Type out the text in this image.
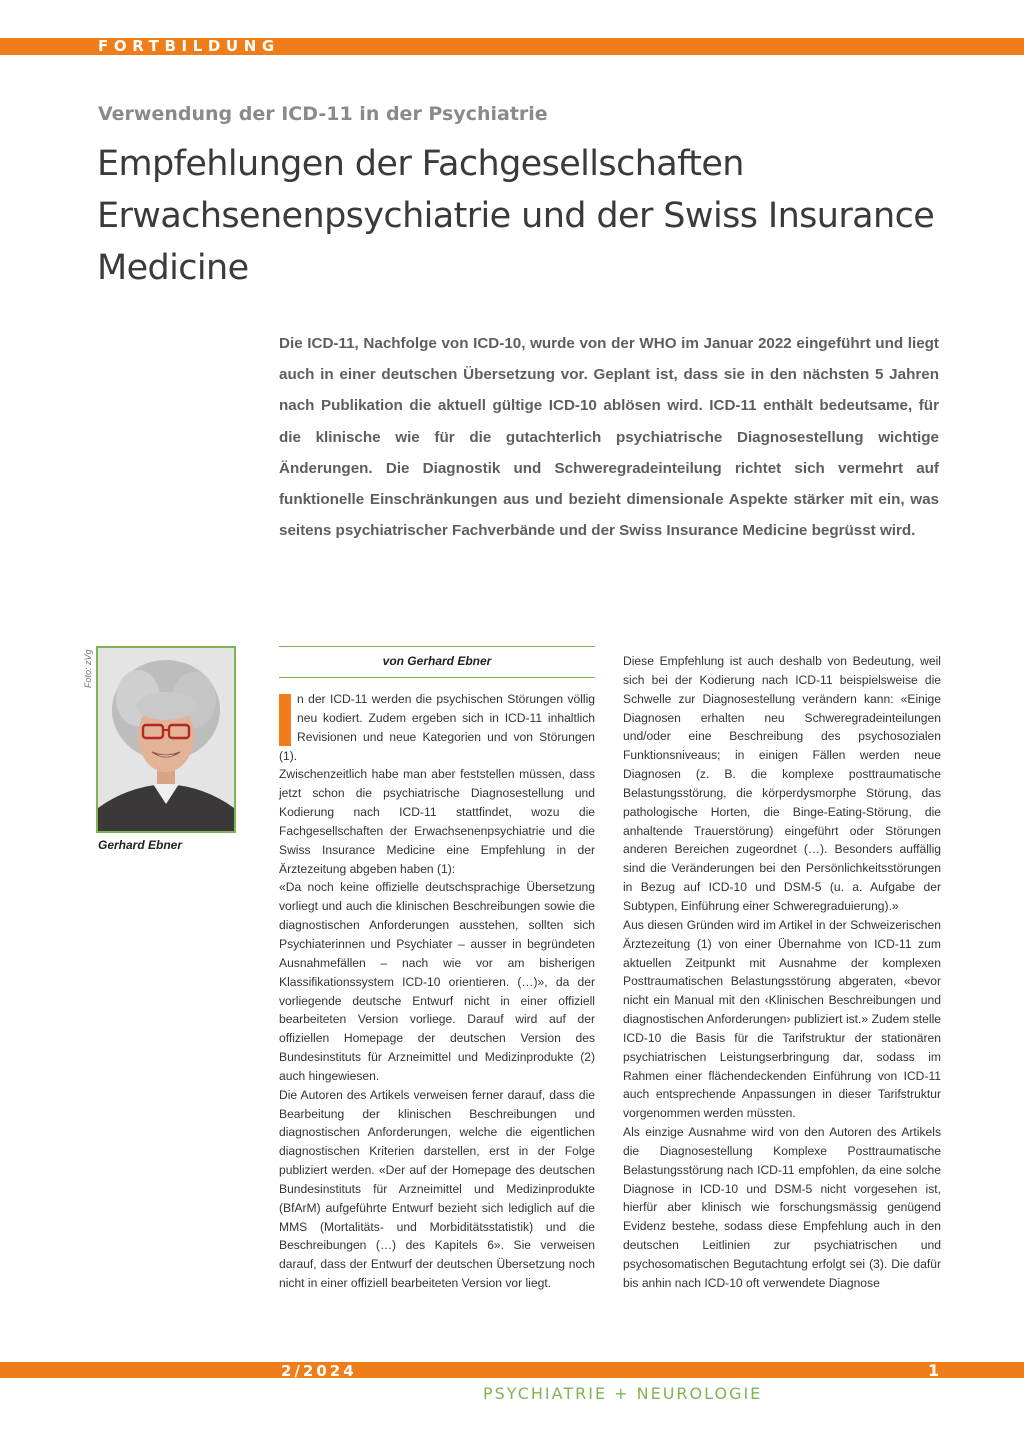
FORTBILDUNG
Verwendung der ICD-11 in der Psychiatrie
Empfehlungen der Fachgesellschaften Erwachsenenpsychiatrie und der Swiss Insurance Medicine
Die ICD-11, Nachfolge von ICD-10, wurde von der WHO im Januar 2022 eingeführt und liegt auch in einer deutschen Übersetzung vor. Geplant ist, dass sie in den nächsten 5 Jahren nach Publikation die aktuell gültige ICD-10 ablösen wird. ICD-11 enthält bedeutsame, für die klinische wie für die gutachterlich psychiatrische Diagnosestellung wichtige Änderungen. Die Diagnostik und Schweregradeinteilung richtet sich vermehrt auf funktionelle Einschränkungen aus und bezieht dimensionale Aspekte stärker mit ein, was seitens psychiatrischer Fachverbände und der Swiss Insurance Medicine begrüsst wird.
Foto: zVg
Gerhard Ebner
von Gerhard Ebner

n der ICD-11 werden die psychischen Störungen völlig neu kodiert. Zudem ergeben sich in ICD-11 inhaltlich Revisionen und neue Kategorien und von Störungen (1).

Zwischenzeitlich habe man aber feststellen müssen, dass jetzt schon die psychiatrische Diagnosestellung und Kodierung nach ICD-11 stattfindet, wozu die Fachgesellschaften der Erwachsenenpsychiatrie und die Swiss Insurance Medicine eine Empfehlung in der Ärztezeitung abgeben haben (1):

«Da noch keine offizielle deutschsprachige Übersetzung vorliegt und auch die klinischen Beschreibungen sowie die diagnostischen Anforderungen ausstehen, sollten sich Psychiaterinnen und Psychiater – ausser in begründeten Ausnahmefällen – nach wie vor am bisherigen Klassifikationssystem ICD-10 orientieren. (…)», da der vorliegende deutsche Entwurf nicht in einer offiziell bearbeiteten Version vorliege. Darauf wird auf der offiziellen Homepage der deutschen Version des Bundesinstituts für Arzneimittel und Medizinprodukte (2) auch hingewiesen.

Die Autoren des Artikels verweisen ferner darauf, dass die Bearbeitung der klinischen Beschreibungen und diagnostischen Anforderungen, welche die eigentlichen diagnostischen Kriterien darstellen, erst in der Folge publiziert werden. «Der auf der Homepage des deutschen Bundesinstituts für Arzneimittel und Medizinprodukte (BfArM) aufgeführte Entwurf bezieht sich lediglich auf die MMS (Mortalitäts- und Morbiditätsstatistik) und die Beschreibungen (…) des Kapitels 6». Sie verweisen darauf, dass der Entwurf der deutschen Übersetzung noch nicht in einer offiziell bearbeiteten Version vor liegt.

Diese Empfehlung ist auch deshalb von Bedeutung, weil sich bei der Kodierung nach ICD-11 beispielsweise die Schwelle zur Diagnosestellung verändern kann: «Einige Diagnosen erhalten neu Schweregradeinteilungen und/oder eine Beschreibung des psychosozialen Funktionsniveaus; in einigen Fällen werden neue Diagnosen (z. B. die komplexe posttraumatische Belastungsstörung, die körperdysmorphe Störung, das pathologische Horten, die Binge-Eating-Störung, die anhaltende Trauerstörung) eingeführt oder Störungen anderen Bereichen zugeordnet (…). Besonders auffällig sind die Veränderungen bei den Persönlichkeitsstörungen in Bezug auf ICD-10 und DSM-5 (u. a. Aufgabe der Subtypen, Einführung einer Schweregraduierung).»

Aus diesen Gründen wird im Artikel in der Schweizerischen Ärztezeitung (1) von einer Übernahme von ICD-11 zum aktuellen Zeitpunkt mit Ausnahme der komplexen Posttraumatischen Belastungsstörung abgeraten, «bevor nicht ein Manual mit den ‹Klinischen Beschreibungen und diagnostischen Anforderungen› publiziert ist.» Zudem stelle ICD-10 die Basis für die Tarifstruktur der stationären psychiatrischen Leistungserbringung dar, sodass im Rahmen einer flächendeckenden Einführung von ICD-11 auch entsprechende Anpassungen in dieser Tarifstruktur vorgenommen werden müssten.

Als einzige Ausnahme wird von den Autoren des Artikels die Diagnosestellung Komplexe Posttraumatische Belastungsstörung nach ICD-11 empfohlen, da eine solche Diagnose in ICD-10 und DSM-5 nicht vorgesehen ist, hierfür aber klinisch wie forschungsmässig genügend Evidenz bestehe, sodass diese Empfehlung auch in den deutschen Leitlinien zur psychiatrischen und psychosomatischen Begutachtung erfolgt sei (3). Die dafür bis anhin nach ICD-10 oft verwendete Diagnose

2/2024	1
PSYCHIATRIE + NEUROLOGIE
